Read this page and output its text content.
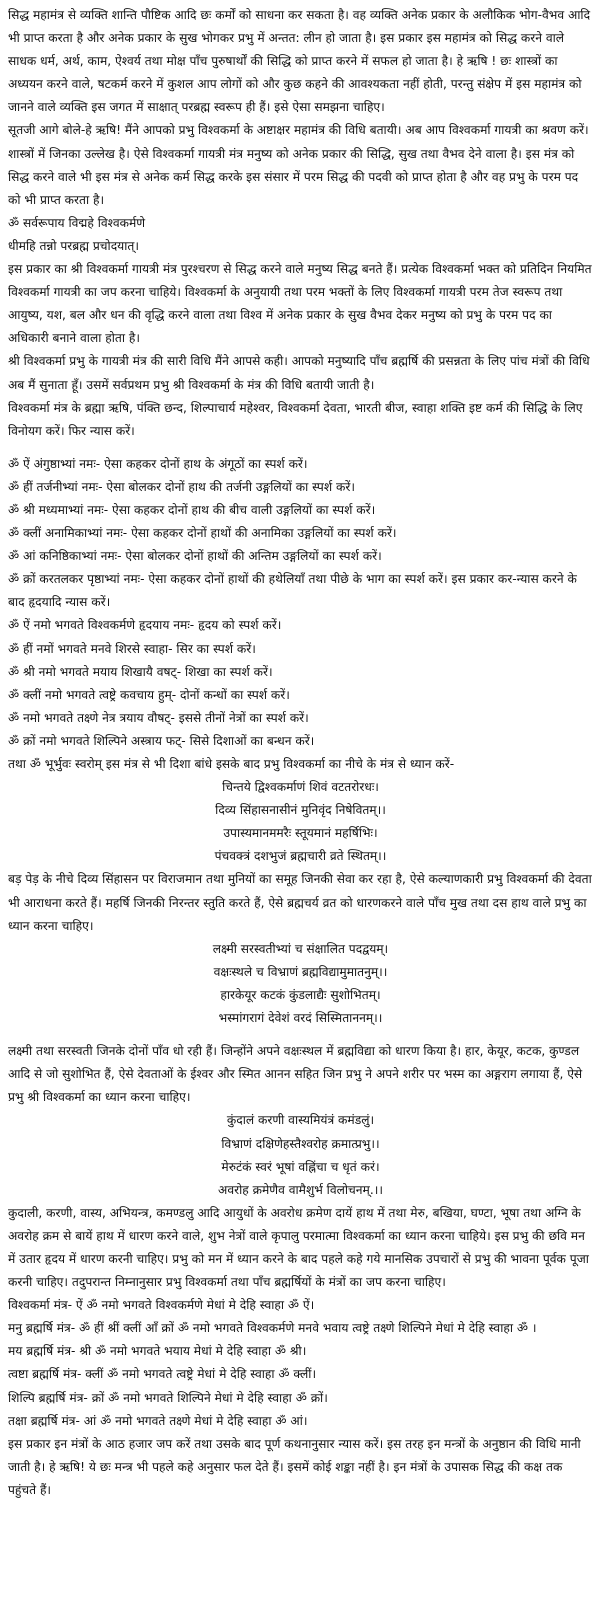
सिद्ध महामंत्र से व्यक्ति शान्ति पौष्टिक आदि छः कर्मों को साधना कर सकता है। वह व्यक्ति अनेक प्रकार के अलौकिक भोग-वैभव आदि भी प्राप्त करता है और अनेक प्रकार के सुख भोगकर प्रभु में अन्तत: लीन हो जाता है। इस प्रकार इस महामंत्र को सिद्ध करने वाले साधक धर्म, अर्थ, काम, ऐश्वर्य तथा मोक्ष पाँच पुरुषार्थों की सिद्धि को प्राप्त करने में सफल हो जाता है। हे ऋषि ! छः शास्त्रों का अध्ययन करने वाले, षटकर्म करने में कुशल आप लोगों को और कुछ कहने की आवश्यकता नहीं होती, परन्तु संक्षेप में इस महामंत्र को जानने वाले व्यक्ति इस जगत में साक्षात् परब्रह्म स्वरूप ही हैं। इसे ऐसा समझना चाहिए।

सूतजी आगे बोले-हे ऋषि! मैंने आपको प्रभु विश्वकर्मा के अष्टाक्षर महामंत्र की विधि बतायी। अब आप विश्वकर्मा गायत्री का श्रवण करें। शास्त्रों में जिनका उल्लेख है। ऐसे विश्वकर्मा गायत्री मंत्र मनुष्य को अनेक प्रकार की सिद्धि, सुख तथा वैभव देने वाला है। इस मंत्र को सिद्ध करने वाले भी इस मंत्र से अनेक कर्म सिद्ध करके इस संसार में परम सिद्ध की पदवी को प्राप्त होता है और वह प्रभु के परम पद को भी प्राप्त करता है।

ॐ सर्वरूपाय विद्महे विश्वकर्मणे

धीमहि तन्नो परब्रह्म प्रचोदयात्।

इस प्रकार का श्री विश्वकर्मा गायत्री मंत्र पुरश्चरण से सिद्ध करने वाले मनुष्य सिद्ध बनते हैं। प्रत्येक विश्वकर्मा भक्त को प्रतिदिन नियमित विश्वकर्मा गायत्री का जप करना चाहिये। विश्वकर्मा के अनुयायी तथा परम भक्तों के लिए विश्वकर्मा गायत्री परम तेज स्वरूप तथा आयुष्य, यश, बल और धन की वृद्धि करने वाला तथा विश्व में अनेक प्रकार के सुख वैभव देकर मनुष्य को प्रभु के परम पद का अधिकारी बनाने वाला होता है।

श्री विश्वकर्मा प्रभु के गायत्री मंत्र की सारी विधि मैंने आपसे कही। आपको मनुष्यादि पाँच ब्रह्मर्षि की प्रसन्नता के लिए पांच मंत्रों की विधि अब मैं सुनाता हूँ। उसमें सर्वप्रथम प्रभु श्री विश्वकर्मा के मंत्र की विधि बतायी जाती है।

विश्वकर्मा मंत्र के ब्रह्मा ऋषि, पंक्ति छन्द, शिल्पाचार्य महेश्वर, विश्वकर्मा देवता, भारती बीज, स्वाहा शक्ति इष्ट कर्म की सिद्धि के लिए विनोयग करें। फिर न्यास करें।

ॐ ऐं अंगुष्ठाभ्यां नमः- ऐसा कहकर दोनों हाथ के अंगूठों का स्पर्श करें।

ॐ हीं तर्जनीभ्यां नमः- ऐसा बोलकर दोनों हाथ की तर्जनी उङ्गलियों का स्पर्श करें।

ॐ श्री मध्यमाभ्यां नमः- ऐसा कहकर दोनों हाथ की बीच वाली उङ्गलियों का स्पर्श करें।

ॐ क्लीं अनामिकाभ्यां नमः- ऐसा कहकर दोनों हाथों की अनामिका उङ्गलियों का स्पर्श करें।

ॐ आं कनिष्ठिकाभ्यां नमः- ऐसा बोलकर दोनों हाथों की अन्तिम उङ्गलियों का स्पर्श करें।

ॐ क्रों करतलकर पृष्ठाभ्यां नमः- ऐसा कहकर दोनों हाथों की हथेलियाँ तथा पीछे के भाग का स्पर्श करें। इस प्रकार कर-न्यास करने के बाद हृदयादि न्यास करें।

ॐ ऐं नमो भगवते विश्वकर्मणे हृदयाय नमः- हृदय को स्पर्श करें।

ॐ हीं नमों भगवते मनवे शिरसे स्वाहा- सिर का स्पर्श करें।

ॐ श्री नमो भगवते मयाय शिखायै वषट्- शिखा का स्पर्श करें।

ॐ क्लीं नमो भगवते त्वष्ट्रे कवचाय हुम्- दोनों कन्धों का स्पर्श करें।

ॐ नमो भगवते तक्ष्णे नेत्र त्रयाय वौषट्- इससे तीनों नेत्रों का स्पर्श करें।

ॐ क्रों नमो भगवते शिल्पिने अस्त्राय फट्- सिसे दिशाओं का बन्धन करें।

तथा ॐ भूर्भुवः स्वरोम् इस मंत्र से भी दिशा बांधे इसके बाद प्रभु विश्वकर्मा का नीचे के मंत्र से ध्यान करें-

चिन्तये द्विश्वकर्माणं शिवं वटतरोरधः।

दिव्य सिंहासनासीनं मुनिवृंद निषेवितम्।।

उपास्यमानममरैः स्तूयमानं महर्षिभिः।

पंचवक्त्रं दशभुजं ब्रह्मचारी व्रते स्थितम्।।

बड़ पेड़ के नीचे दिव्य सिंहासन पर विराजमान तथा मुनियों का समूह जिनकी सेवा कर रहा है, ऐसे कल्याणकारी प्रभु विश्वकर्मा की देवता भी आराधना करते हैं। महर्षि जिनकी निरन्तर स्तुति करते हैं, ऐसे ब्रह्मचर्य व्रत को धारणकरने वाले पाँच मुख तथा दस हाथ वाले प्रभु का ध्यान करना चाहिए।

लक्ष्मी सरस्वतीभ्यां च संक्षालित पदद्वयम्।

वक्षःस्थले च विभ्राणं ब्रह्मविद्यामुमातनुम्।।

हारकेयूर कटकं कुंडलाद्यैः सुशोभितम्।

भस्मांगरागं देवेशं वरदं सिस्मिताननम्।।

लक्ष्मी तथा सरस्वती जिनके दोनों पाँव धो रही हैं। जिन्होंने अपने वक्षःस्थल में ब्रह्मविद्या को धारण किया है। हार, केयूर, कटक, कुण्डल आदि से जो सुशोभित हैं, ऐसे देवताओं के ईश्वर और स्मित आनन सहित जिन प्रभु ने अपने शरीर पर भस्म का अङ्गराग लगाया हैं, ऐसे प्रभु श्री विश्वकर्मा का ध्यान करना चाहिए।

कुंदालं करणी वास्यमियंत्रं कमंडलुं।

विभ्राणं दक्षिणेहस्तैश्वरोह क्रमात्प्रभु।।

मेरुटंकं स्वरं भूषां वह्निंचा च धृतं करं।

अवरोह क्रमेणैव वामैशुर्भ विलोचनम्.।।

कुदाली, करणी, वास्य, अभियन्त्र, कमण्डलु आदि आयुधों के अवरोध क्रमेण दायें हाथ में तथा मेरु, बखिया, घण्टा, भूषा तथा अग्नि के अवरोह क्रम से बायें हाथ में धारण करने वाले, शुभ नेत्रों वाले कृपालु परमात्मा विश्वकर्मा का ध्यान करना चाहिये। इस प्रभु की छवि मन में उतार हृदय में धारण करनी चाहिए। प्रभु को मन में ध्यान करने के बाद पहले कहे गये मानसिक उपचारों से प्रभु की भावना पूर्वक पूजा करनी चाहिए। तदुपरान्त निम्नानुसार प्रभु विश्वकर्मा तथा पाँच ब्रह्मर्षियों के मंत्रों का जप करना चाहिए।

विश्वकर्मा मंत्र- ऐं ॐ नमो भगवते विश्वकर्मणे मेधां मे देहि स्वाहा ॐ ऐं।

मनु ब्रह्मर्षि मंत्र- ॐ हीं श्रीं क्लीं ऑं क्रों ॐ नमो भगवते विश्वकर्मणे मनवे भवाय त्वष्ट्रे तक्ष्णे शिल्पिने मेधां मे देहि स्वाहा ॐ ।

मय ब्रह्मर्षि मंत्र- श्री ॐ नमो भगवते भयाय मेधां मे देहि स्वाहा ॐ श्री।

त्वष्टा ब्रह्मर्षि मंत्र- क्लीं ॐ नमो भगवते त्वष्ट्रे मेधां मे देहि स्वाहा ॐ क्लीं।

शिल्पि ब्रह्मर्षि मंत्र- क्रों ॐ नमो भगवते शिल्पिने मेधां मे देहि स्वाहा ॐ क्रों।

तक्षा ब्रह्मर्षि मंत्र- आं ॐ नमो भगवते तक्ष्णे मेधां मे देहि स्वाहा ॐ आं।

इस प्रकार इन मंत्रों के आठ हजार जप करें तथा उसके बाद पूर्ण कथनानुसार न्यास करें। इस तरह इन मन्त्रों के अनुष्ठान की विधि मानी जाती है। हे ऋषि! ये छः मन्त्र भी पहले कहे अनुसार फल देते हैं। इसमें कोई शङ्का नहीं है। इन मंत्रों के उपासक सिद्ध की कक्ष तक पहुंचते हैं।
